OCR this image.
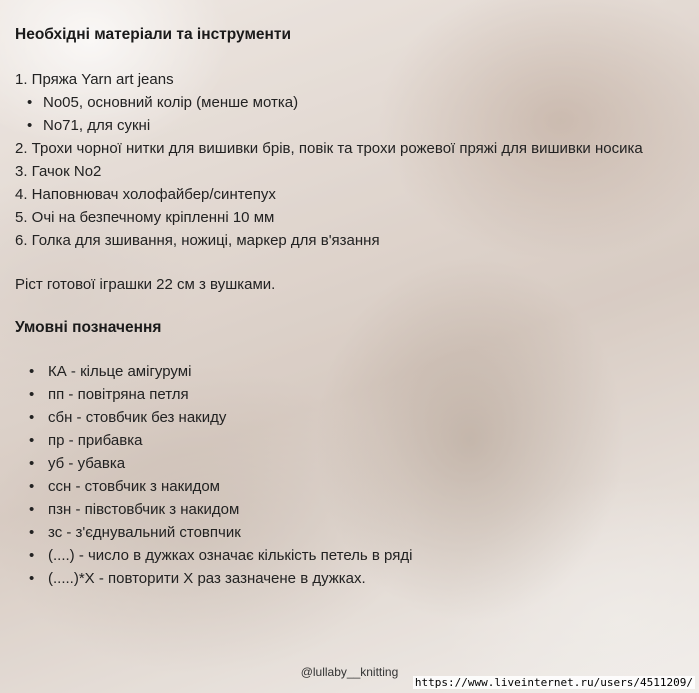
Необхідні матеріали та інструменти
1. Пряжа Yarn art jeans
• No05, основний колір (менше мотка)
• No71, для сукні
2. Трохи чорної нитки для вишивки брів, повік та трохи рожевої пряжі для вишивки носика
3. Гачок No2
4. Наповнювач холофайбер/синтепух
5. Очі на безпечному кріпленні 10 мм
6. Голка для зшивання, ножиці, маркер для в'язання
Ріст готової іграшки 22 см з вушками.
Умовні позначення
• КА - кільце амігурумі
• пп - повітряна петля
• сбн - стовбчик без накиду
• пр - прибавка
• уб - убавка
• ссн - стовбчик з накидом
• пзн - півстовбчик з накидом
• зс - з'єднувальний стовпчик
• (....) - число в дужках означає кількість петель в ряді
• (.....)*Х - повторити Х раз зазначене в дужках.
@lullaby__knitting
https://www.liveinternet.ru/users/4511209/
